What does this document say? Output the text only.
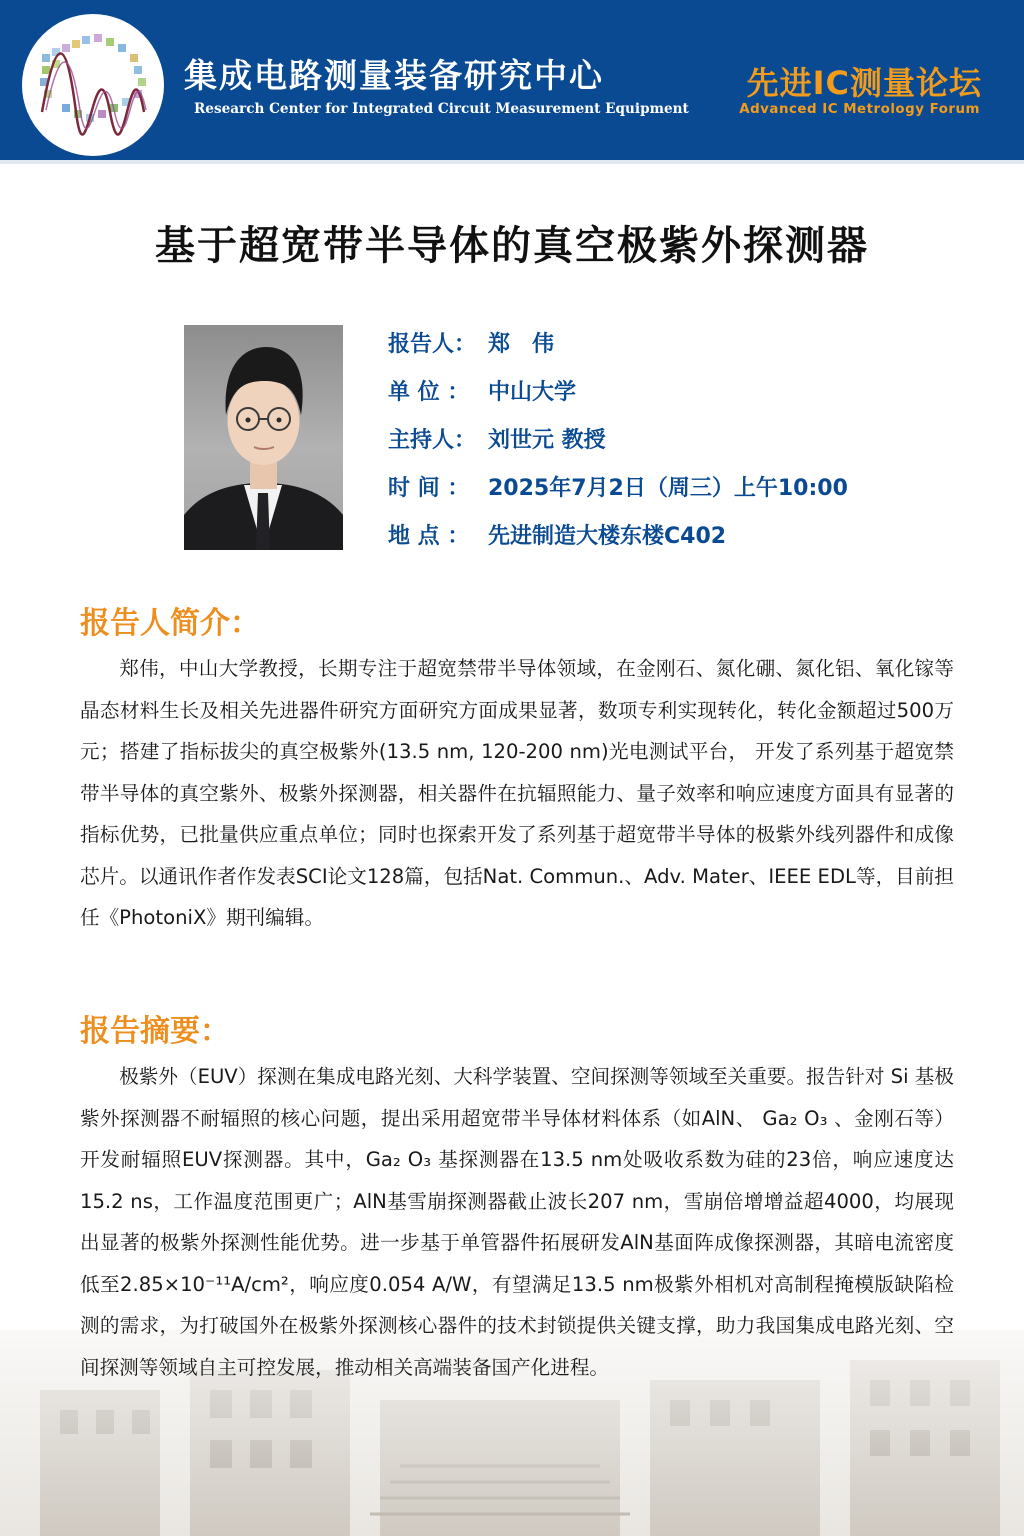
集成电路测量装备研究中心
Research Center for Integrated Circuit Measurement Equipment
先进IC测量论坛
Advanced IC Metrology Forum
基于超宽带半导体的真空极紫外探测器
报告人： 郑　伟
单 位 ： 中山大学
主持人： 刘世元 教授
时 间 ： 2025年7月2日（周三）上午10:00
地 点 ： 先进制造大楼东楼C402
报告人简介：
郑伟，中山大学教授，长期专注于超宽禁带半导体领域，在金刚石、氮化硼、氮化铝、氧化镓等晶态材料生长及相关先进器件研究方面研究方面成果显著，数项专利实现转化，转化金额超过500万元；搭建了指标拔尖的真空极紫外(13.5 nm, 120-200 nm)光电测试平台， 开发了系列基于超宽禁带半导体的真空紫外、极紫外探测器，相关器件在抗辐照能力、量子效率和响应速度方面具有显著的指标优势，已批量供应重点单位；同时也探索开发了系列基于超宽带半导体的极紫外线列器件和成像芯片。以通讯作者作发表SCI论文128篇，包括Nat. Commun.、Adv. Mater、IEEE EDL等，目前担任《PhotoniX》期刊编辑。
报告摘要：
极紫外（EUV）探测在集成电路光刻、大科学装置、空间探测等领域至关重要。报告针对 Si 基极紫外探测器不耐辐照的核心问题，提出采用超宽带半导体材料体系（如AlN、 Ga₂ O₃ 、金刚石等）开发耐辐照EUV探测器。其中，Ga₂ O₃ 基探测器在13.5 nm处吸收系数为硅的23倍，响应速度达15.2 ns，工作温度范围更广；AlN基雪崩探测器截止波长207 nm，雪崩倍增增益超4000，均展现出显著的极紫外探测性能优势。进一步基于单管器件拓展研发AlN基面阵成像探测器，其暗电流密度低至2.85×10⁻¹¹A/cm²，响应度0.054 A/W，有望满足13.5 nm极紫外相机对高制程掩模版缺陷检测的需求，为打破国外在极紫外探测核心器件的技术封锁提供关键支撑，助力我国集成电路光刻、空间探测等领域自主可控发展，推动相关高端装备国产化进程。
